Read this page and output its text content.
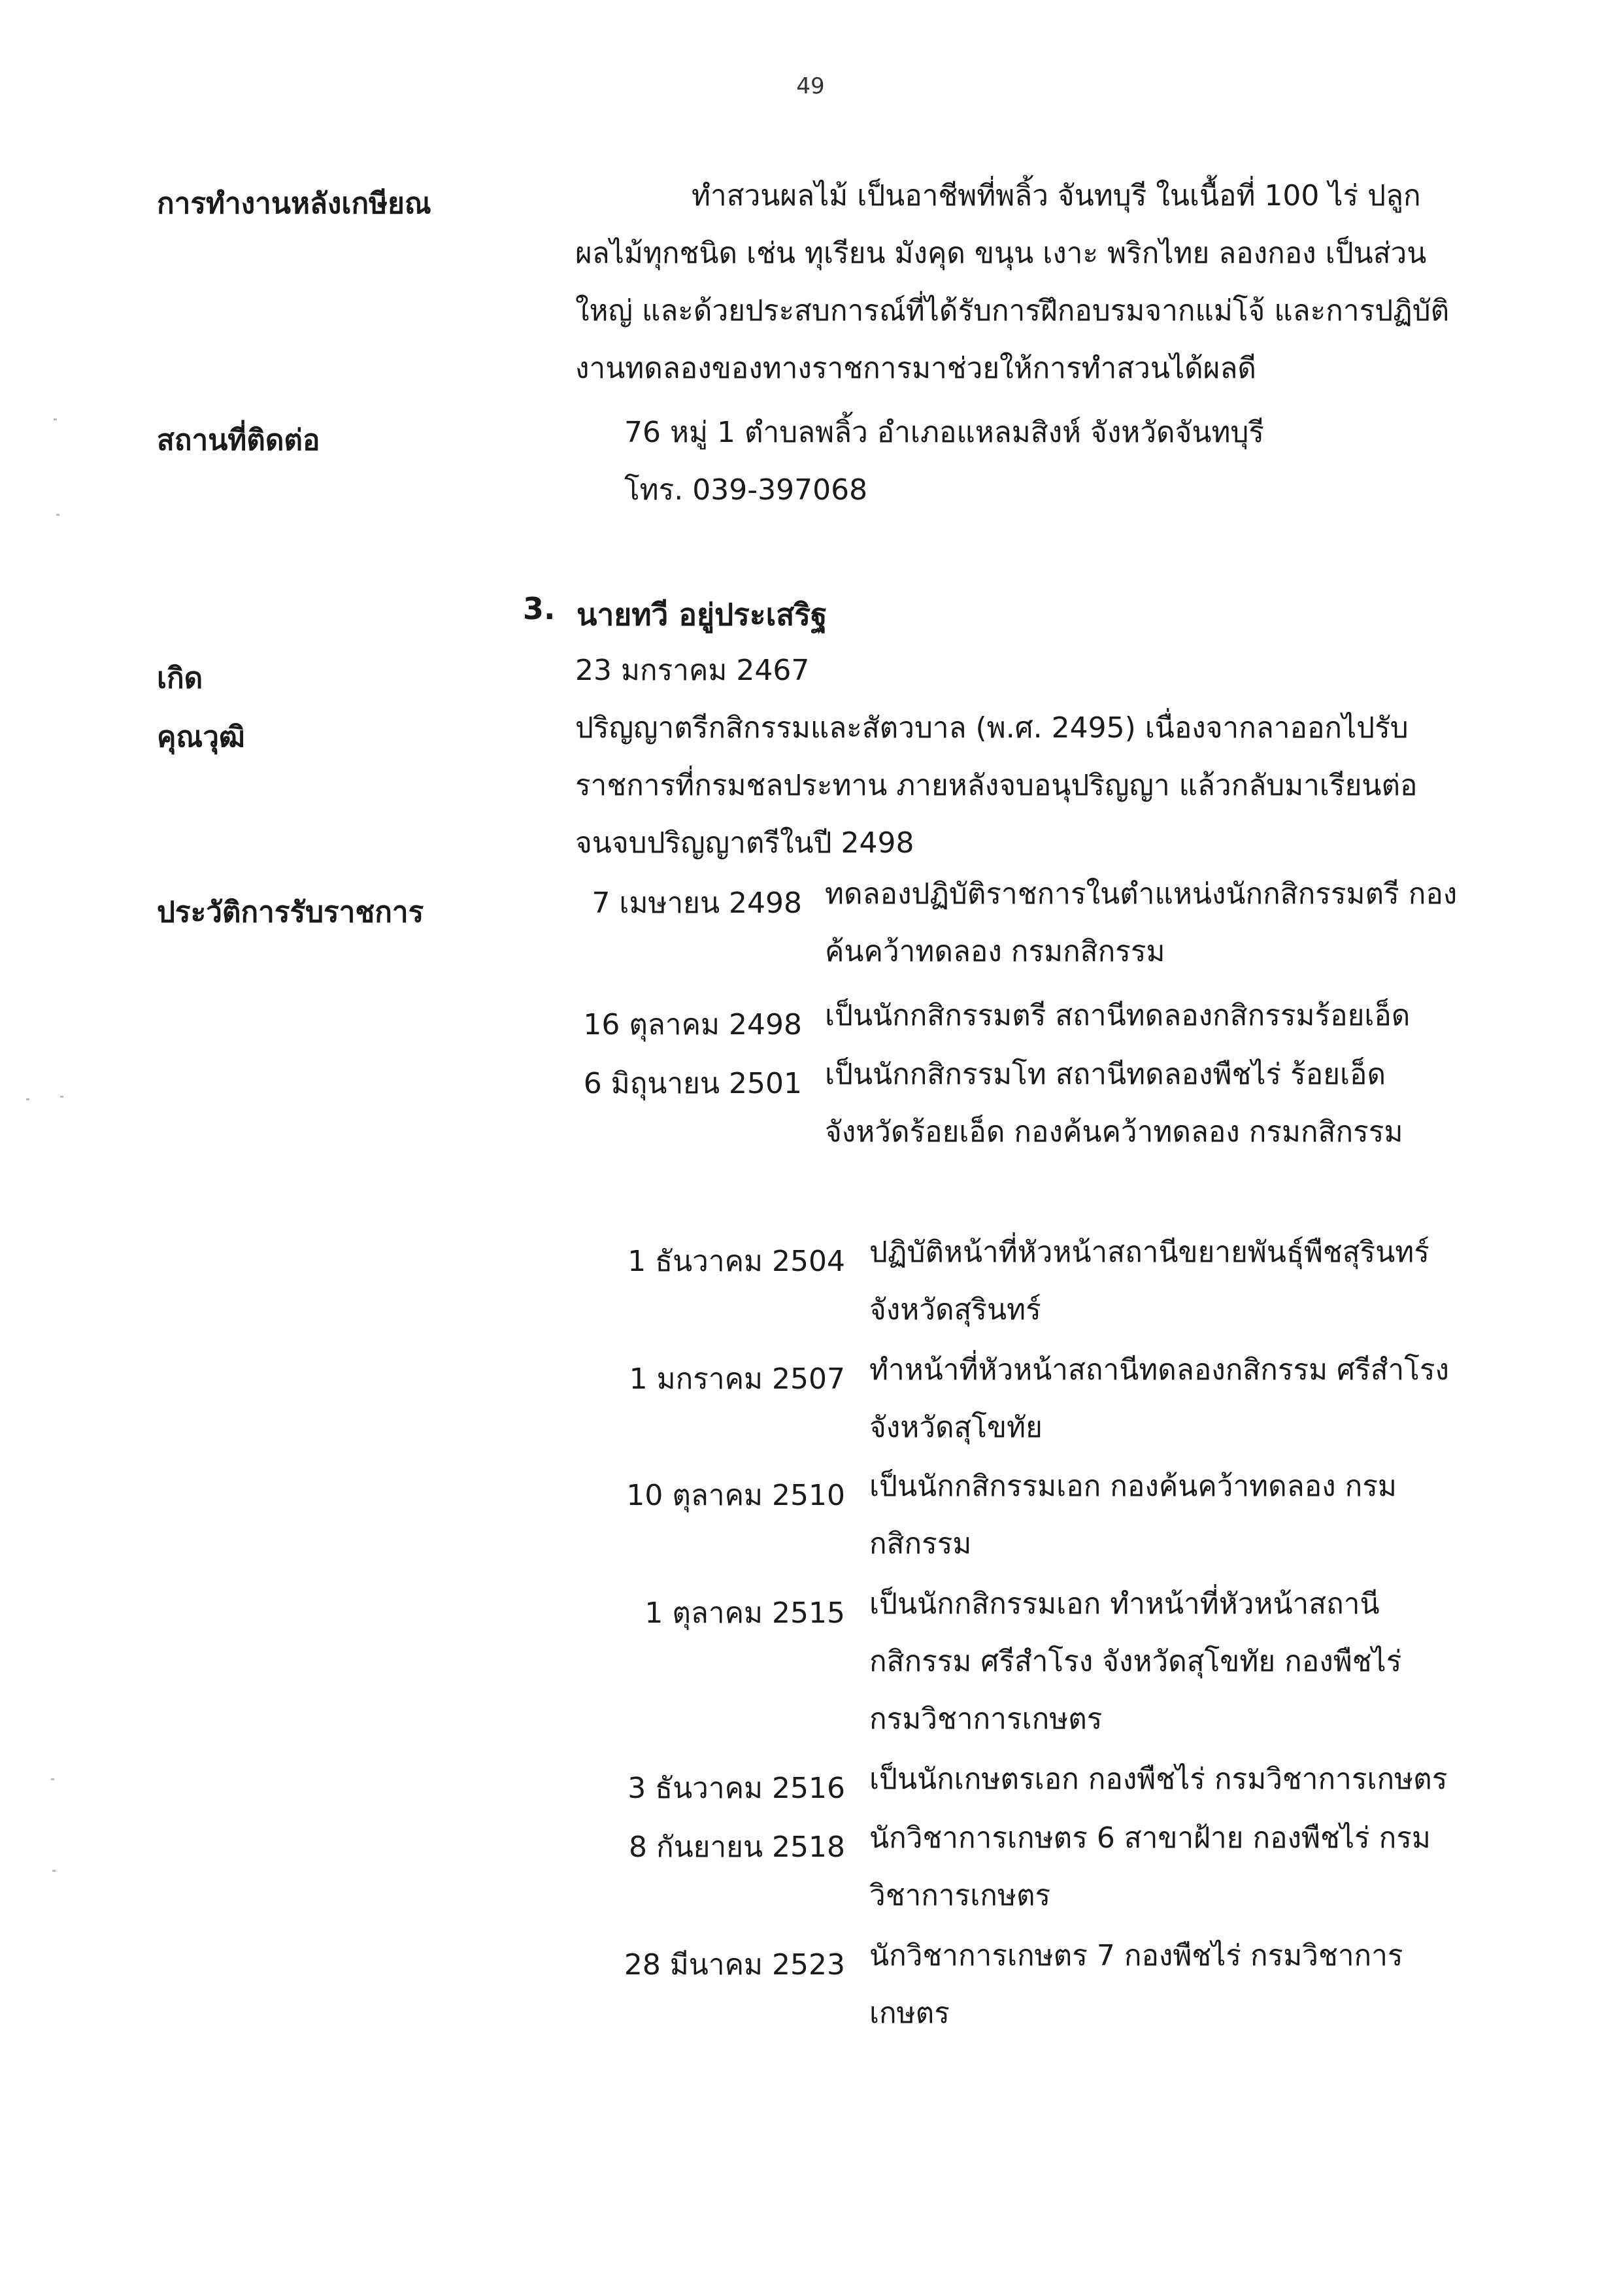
49
การทำงานหลังเกษียณ	ทำสวนผลไม้ เป็นอาชีพที่พลิ้ว จันทบุรี ในเนื้อที่ 100 ไร่ ปลูก
ผลไม้ทุกชนิด เช่น ทุเรียน มังคุด ขนุน เงาะ พริกไทย ลองกอง เป็นส่วน
ใหญ่ และด้วยประสบการณ์ที่ได้รับการฝึกอบรมจากแม่โจ้ และการปฏิบัติ
งานทดลองของทางราชการมาช่วยให้การทำสวนได้ผลดี
สถานที่ติดต่อ	76 หมู่ 1 ตำบลพลิ้ว อำเภอแหลมสิงห์ จังหวัดจันทบุรี
โทร. 039-397068
3. นายทวี อยู่ประเสริฐ
เกิด	23 มกราคม 2467
คุณวุฒิ	ปริญญาตรีกสิกรรมและสัตวบาล (พ.ศ. 2495) เนื่องจากลาออกไปรับ
ราชการที่กรมชลประทาน ภายหลังจบอนุปริญญา แล้วกลับมาเรียนต่อ
จนจบปริญญาตรีในปี 2498
ประวัติการรับราชการ	7 เมษายน 2498 ทดลองปฏิบัติราชการในตำแหน่งนักกสิกรรมตรี กอง
ค้นคว้าทดลอง กรมกสิกรรม
16 ตุลาคม 2498 เป็นนักกสิกรรมตรี สถานีทดลองกสิกรรมร้อยเอ็ด
6 มิถุนายน 2501 เป็นนักกสิกรรมโท สถานีทดลองพืชไร่ ร้อยเอ็ด
จังหวัดร้อยเอ็ด กองค้นคว้าทดลอง กรมกสิกรรม
1 ธันวาคม 2504 ปฏิบัติหน้าที่หัวหน้าสถานีขยายพันธุ์พืชสุรินทร์
จังหวัดสุรินทร์
1 มกราคม 2507 ทำหน้าที่หัวหน้าสถานีทดลองกสิกรรม ศรีสำโรง
จังหวัดสุโขทัย
10 ตุลาคม 2510 เป็นนักกสิกรรมเอก กองค้นคว้าทดลอง กรม
กสิกรรม
1 ตุลาคม 2515 เป็นนักกสิกรรมเอก ทำหน้าที่หัวหน้าสถานี
กสิกรรม ศรีสำโรง จังหวัดสุโขทัย กองพืชไร่
กรมวิชาการเกษตร
3 ธันวาคม 2516 เป็นนักเกษตรเอก กองพืชไร่ กรมวิชาการเกษตร
8 กันยายน 2518 นักวิชาการเกษตร 6 สาขาฝ้าย กองพืชไร่ กรม
วิชาการเกษตร
28 มีนาคม 2523 นักวิชาการเกษตร 7 กองพืชไร่ กรมวิชาการ
เกษตร
